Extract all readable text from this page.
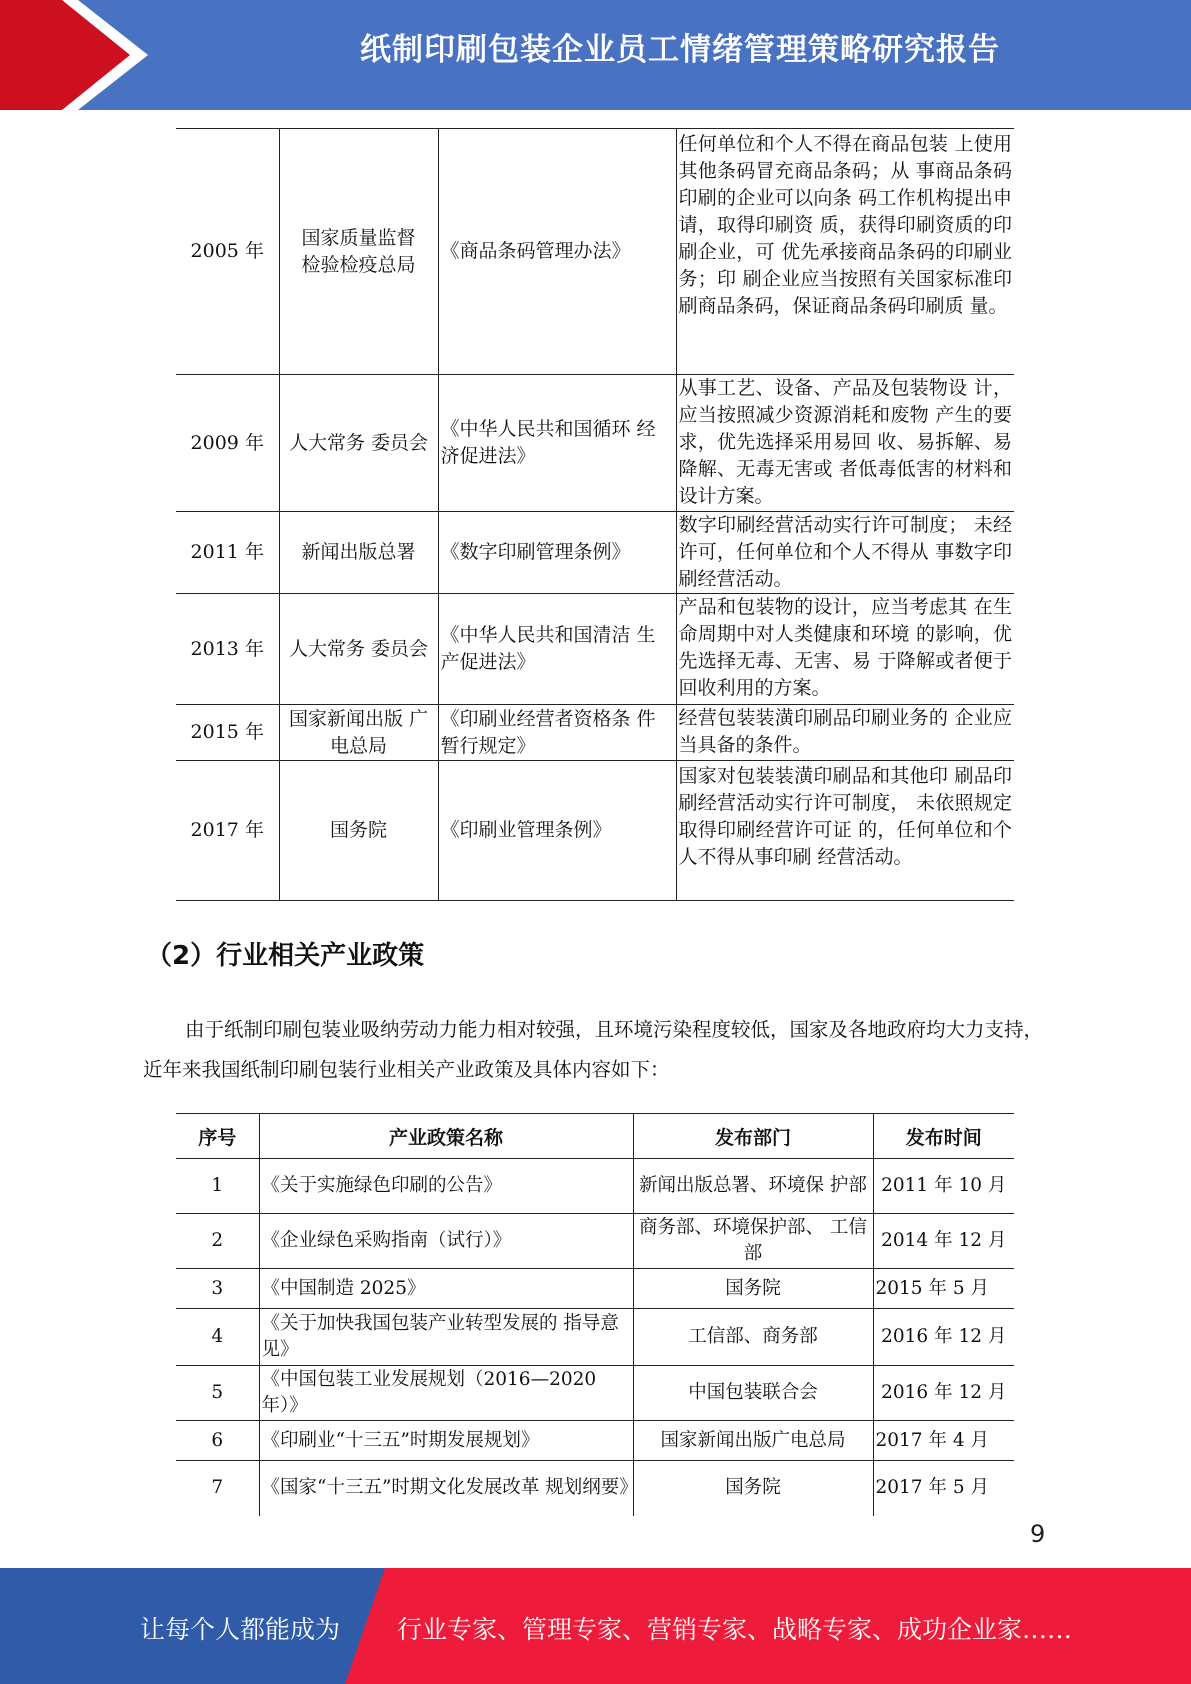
纸制印刷包装企业员工情绪管理策略研究报告
2005 年	国家质量监督检验检疫总局	《商品条码管理办法》	任何单位和个人不得在商品包装 上使用其他条码冒充商品条码；从 事商品条码印刷的企业可以向条 码工作机构提出申请，取得印刷资 质，获得印刷资质的印刷企业，可 优先承接商品条码的印刷业务；印 刷企业应当按照有关国家标准印 刷商品条码，保证商品条码印刷质 量。
2009 年	人大常务 委员会	《中华人民共和国循环 经济促进法》	从事工艺、设备、产品及包装物设 计，应当按照减少资源消耗和废物 产生的要求，优先选择采用易回 收、易拆解、易降解、无毒无害或 者低毒低害的材料和设计方案。
2011 年	新闻出版总署	《数字印刷管理条例》	数字印刷经营活动实行许可制度； 未经许可，任何单位和个人不得从 事数字印刷经营活动。
2013 年	人大常务 委员会	《中华人民共和国清洁 生产促进法》	产品和包装物的设计，应当考虑其 在生命周期中对人类健康和环境 的影响，优先选择无毒、无害、易 于降解或者便于回收利用的方案。
2015 年	国家新闻出版 广电总局	《印刷业经营者资格条 件暂行规定》	经营包装装潢印刷品印刷业务的 企业应当具备的条件。
2017 年	国务院	《印刷业管理条例》	国家对包装装潢印刷品和其他印 刷品印刷经营活动实行许可制度， 未依照规定取得印刷经营许可证 的，任何单位和个人不得从事印刷 经营活动。
（2）行业相关产业政策
由于纸制印刷包装业吸纳劳动力能力相对较强，且环境污染程度较低，国家及各地政府均大力支持，近年来我国纸制印刷包装行业相关产业政策及具体内容如下：
序号	产业政策名称	发布部门	发布时间
1	《关于实施绿色印刷的公告》	新闻出版总署、环境保 护部	2011 年 10 月
2	《企业绿色采购指南（试行）》	商务部、环境保护部、 工信部	2014 年 12 月
3	《中国制造 2025》	国务院	2015 年 5 月
4	《关于加快我国包装产业转型发展的 指导意见》	工信部、商务部	2016 年 12 月
5	《中国包装工业发展规划（2016—2020 年）》	中国包装联合会	2016 年 12 月
6	《印刷业“十三五”时期发展规划》	国家新闻出版广电总局	2017 年 4 月
7	《国家“十三五”时期文化发展改革 规划纲要》	国务院	2017 年 5 月
9
让每个人都能成为 行业专家、管理专家、营销专家、战略专家、成功企业家……
